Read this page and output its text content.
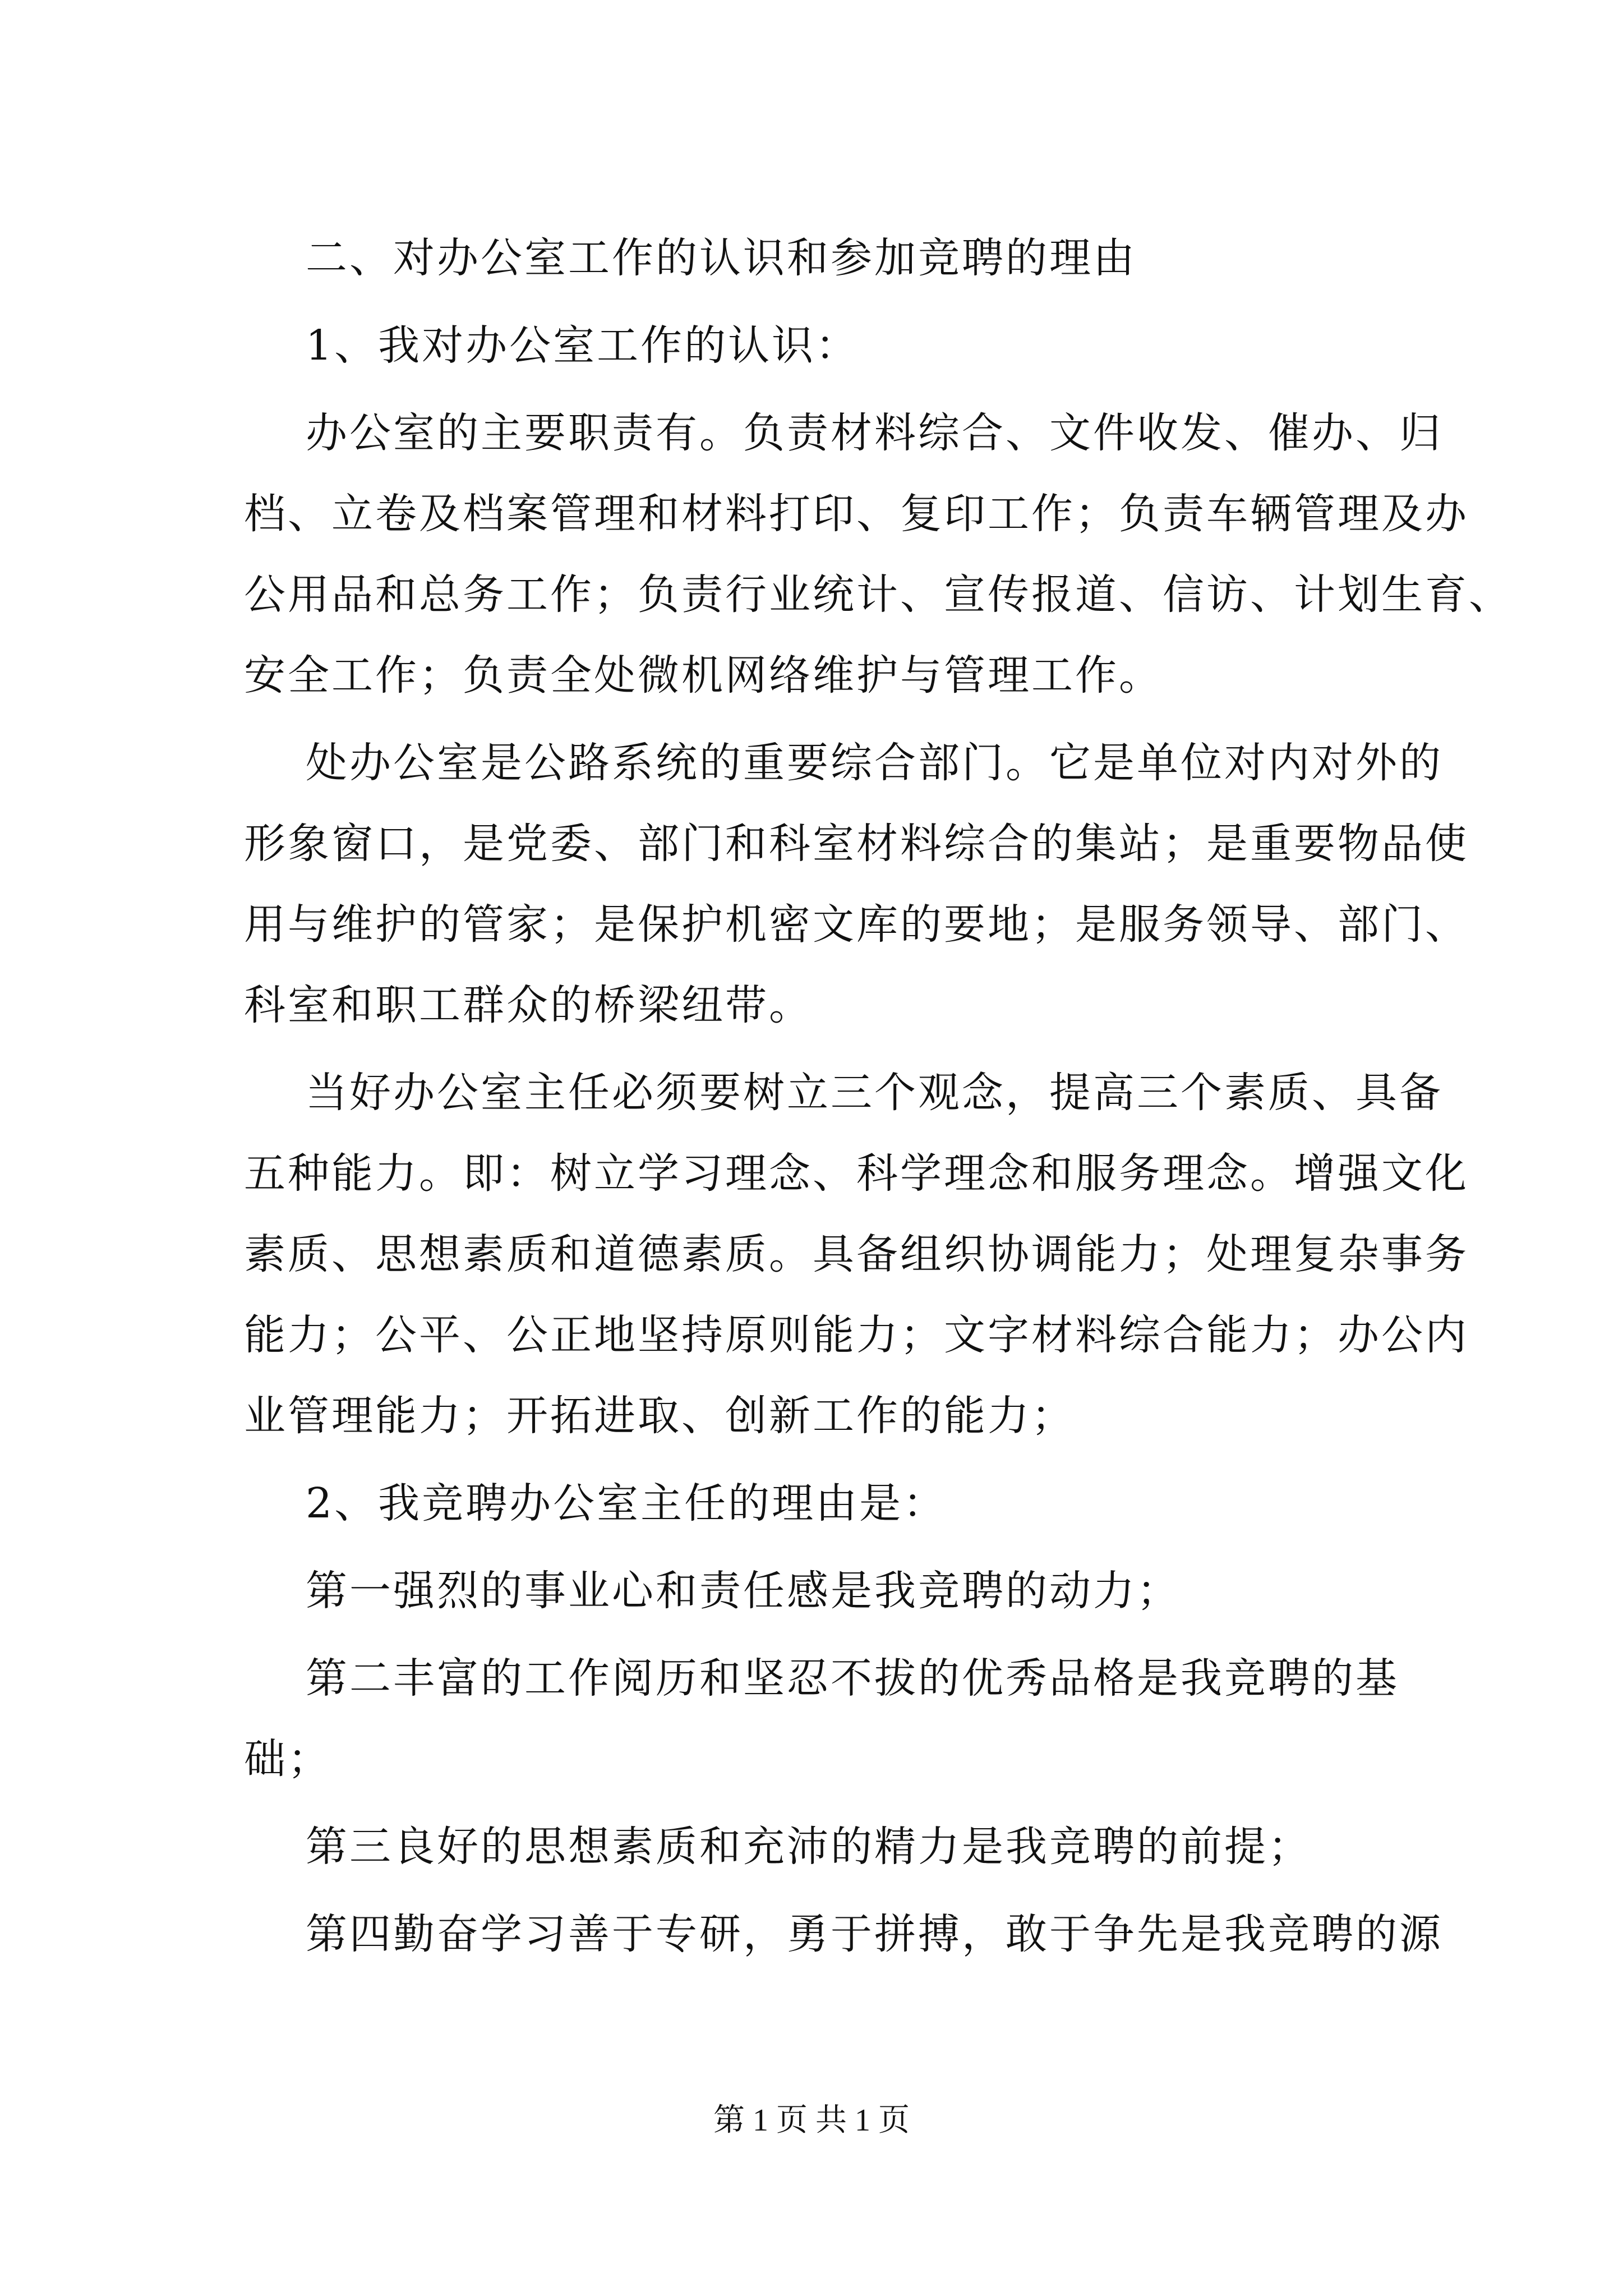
二、对办公室工作的认识和参加竞聘的理由
1、我对办公室工作的认识：
办公室的主要职责有。负责材料综合、文件收发、催办、归
档、立卷及档案管理和材料打印、复印工作；负责车辆管理及办
公用品和总务工作；负责行业统计、宣传报道、信访、计划生育、
安全工作；负责全处微机网络维护与管理工作。
处办公室是公路系统的重要综合部门。它是单位对内对外的
形象窗口，是党委、部门和科室材料综合的集站；是重要物品使
用与维护的管家；是保护机密文库的要地；是服务领导、部门、
科室和职工群众的桥梁纽带。
当好办公室主任必须要树立三个观念，提高三个素质、具备
五种能力。即：树立学习理念、科学理念和服务理念。增强文化
素质、思想素质和道德素质。具备组织协调能力；处理复杂事务
能力；公平、公正地坚持原则能力；文字材料综合能力；办公内
业管理能力；开拓进取、创新工作的能力；
2、我竞聘办公室主任的理由是：
第一强烈的事业心和责任感是我竞聘的动力；
第二丰富的工作阅历和坚忍不拔的优秀品格是我竞聘的基
础；
第三良好的思想素质和充沛的精力是我竞聘的前提；
第四勤奋学习善于专研，勇于拼搏，敢于争先是我竞聘的源
第 1 页 共 1 页
